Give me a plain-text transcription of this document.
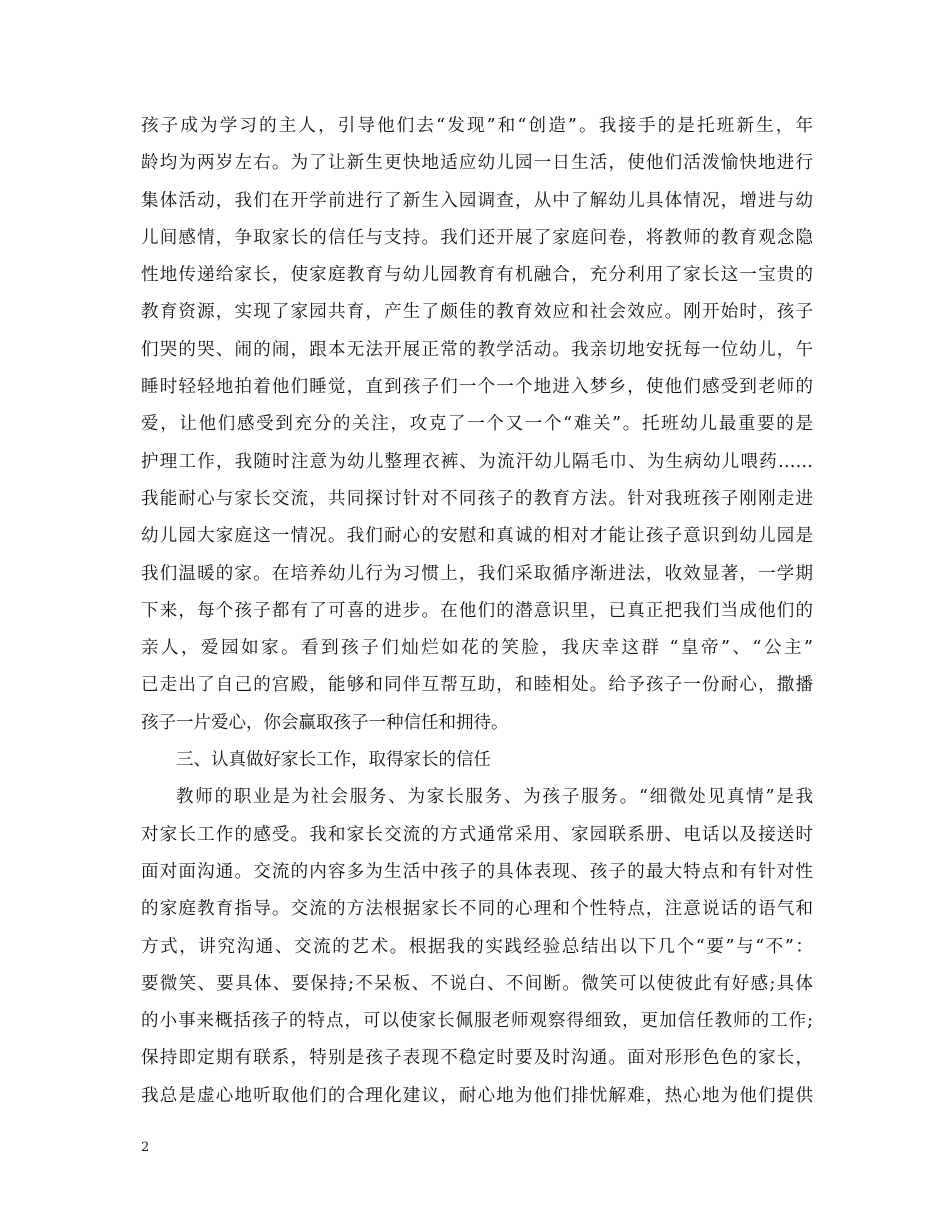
孩子成为学习的主人，引导他们去“发现”和“创造”。我接手的是托班新生，年
龄均为两岁左右。为了让新生更快地适应幼儿园一日生活，使他们活泼愉快地进行
集体活动，我们在开学前进行了新生入园调查，从中了解幼儿具体情况，增进与幼
儿间感情，争取家长的信任与支持。我们还开展了家庭问卷，将教师的教育观念隐
性地传递给家长，使家庭教育与幼儿园教育有机融合，充分利用了家长这一宝贵的
教育资源，实现了家园共育，产生了颇佳的教育效应和社会效应。刚开始时，孩子
们哭的哭、闹的闹，跟本无法开展正常的教学活动。我亲切地安抚每一位幼儿，午
睡时轻轻地拍着他们睡觉，直到孩子们一个一个地进入梦乡，使他们感受到老师的
爱，让他们感受到充分的关注，攻克了一个又一个“难关”。托班幼儿最重要的是
护理工作，我随时注意为幼儿整理衣裤、为流汗幼儿隔毛巾、为生病幼儿喂药……
我能耐心与家长交流，共同探讨针对不同孩子的教育方法。针对我班孩子刚刚走进
幼儿园大家庭这一情况。我们耐心的安慰和真诚的相对才能让孩子意识到幼儿园是
我们温暖的家。在培养幼儿行为习惯上，我们采取循序渐进法，收效显著，一学期
下来，每个孩子都有了可喜的进步。在他们的潜意识里，已真正把我们当成他们的
亲人，爱园如家。看到孩子们灿烂如花的笑脸，我庆幸这群 “皇帝”、“公主”
已走出了自己的宫殿，能够和同伴互帮互助，和睦相处。给予孩子一份耐心，撒播
孩子一片爱心，你会赢取孩子一种信任和拥待。
三、认真做好家长工作，取得家长的信任
教师的职业是为社会服务、为家长服务、为孩子服务。“细微处见真情”是我
对家长工作的感受。我和家长交流的方式通常采用、家园联系册、电话以及接送时
面对面沟通。交流的内容多为生活中孩子的具体表现、孩子的最大特点和有针对性
的家庭教育指导。交流的方法根据家长不同的心理和个性特点，注意说话的语气和
方式，讲究沟通、交流的艺术。根据我的实践经验总结出以下几个“要”与“不”：
要微笑、要具体、要保持;不呆板、不说白、不间断。微笑可以使彼此有好感;具体
的小事来概括孩子的特点，可以使家长佩服老师观察得细致，更加信任教师的工作;
保持即定期有联系，特别是孩子表现不稳定时要及时沟通。面对形形色色的家长，
我总是虚心地听取他们的合理化建议，耐心地为他们排忧解难，热心地为他们提供
2
